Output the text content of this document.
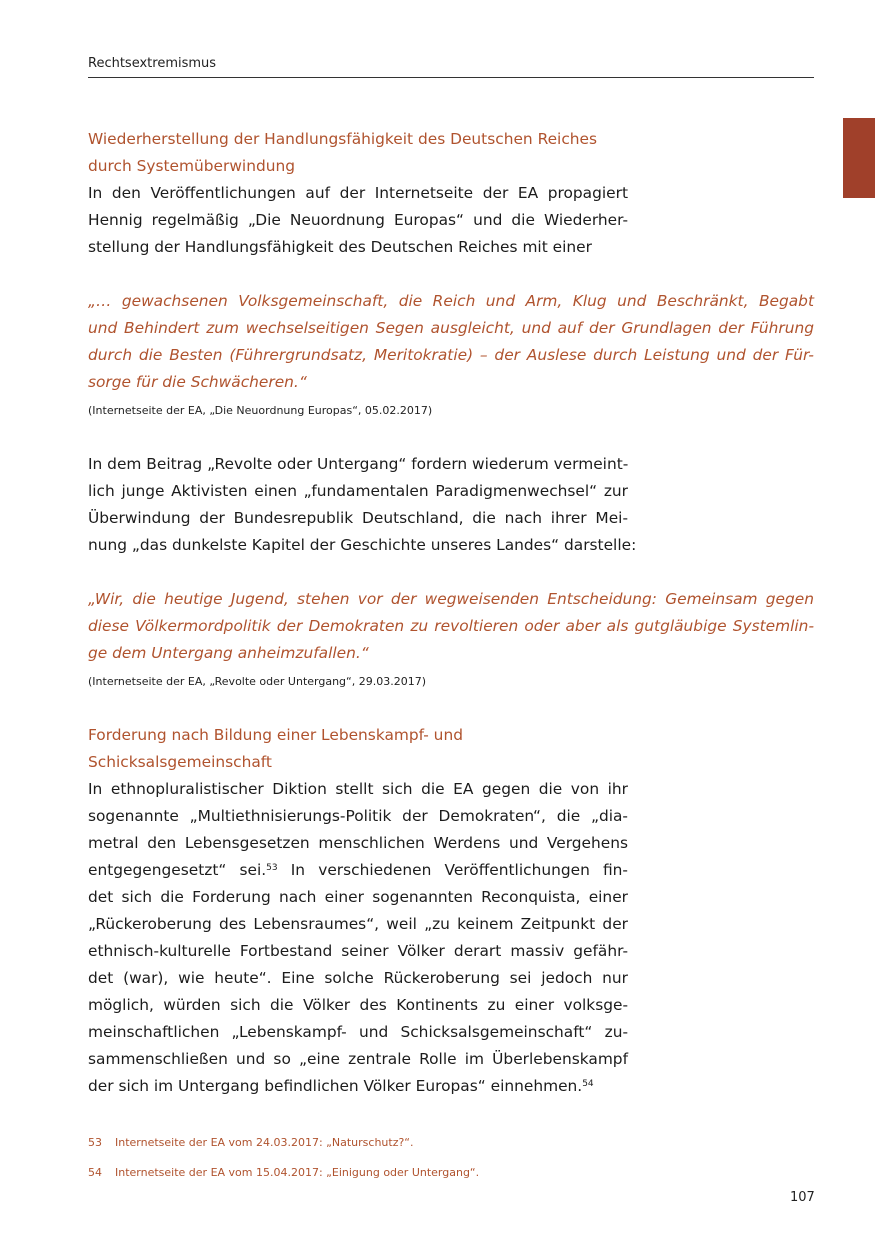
Rechtsextremismus

Wiederherstellung der Handlungsfähigkeit des Deutschen Reiches
durch Systemüberwindung

In den Veröffentlichungen auf der Internetseite der EA propagiert
Hennig regelmäßig „Die Neuordnung Europas“ und die Wiederher-
stellung der Handlungsfähigkeit des Deutschen Reiches mit einer

„… gewachsenen Volksgemeinschaft, die Reich und Arm, Klug und Beschränkt, Begabt
und Behindert zum wechselseitigen Segen ausgleicht, und auf der Grundlagen der Führung
durch die Besten (Führergrundsatz, Meritokratie) – der Auslese durch Leistung und der Für-
sorge für die Schwächeren.“
(Internetseite der EA, „Die Neuordnung Europas“, 05.02.2017)

In dem Beitrag „Revolte oder Untergang“ fordern wiederum vermeint-
lich junge Aktivisten einen „fundamentalen Paradigmenwechsel“ zur
Überwindung der Bundesrepublik Deutschland, die nach ihrer Mei-
nung „das dunkelste Kapitel der Geschichte unseres Landes“ darstelle:

„Wir, die heutige Jugend, stehen vor der wegweisenden Entscheidung: Gemeinsam gegen
diese Völkermordpolitik der Demokraten zu revoltieren oder aber als gutgläubige Systemlin-
ge dem Untergang anheimzufallen.“
(Internetseite der EA, „Revolte oder Untergang“, 29.03.2017)

Forderung nach Bildung einer Lebenskampf- und
Schicksalsgemeinschaft

In ethnopluralistischer Diktion stellt sich die EA gegen die von ihr
sogenannte „Multiethnisierungs-Politik der Demokraten“, die „dia-
metral den Lebensgesetzen menschlichen Werdens und Vergehens
entgegengesetzt“ sei.$^{53}$ In verschiedenen Veröffentlichungen fin-
det sich die Forderung nach einer sogenannten Reconquista, einer
„Rückeroberung des Lebensraumes“, weil „zu keinem Zeitpunkt der
ethnisch-kulturelle Fortbestand seiner Völker derart massiv gefähr-
det (war), wie heute“. Eine solche Rückeroberung sei jedoch nur
möglich, würden sich die Völker des Kontinents zu einer volksge-
meinschaftlichen „Lebenskampf- und Schicksalsgemeinschaft“ zu-
sammenschließen und so „eine zentrale Rolle im Überlebenskampf
der sich im Untergang befindlichen Völker Europas“ einnehmen.$^{54}$

53 Internetseite der EA vom 24.03.2017: „Naturschutz?“.
54 Internetseite der EA vom 15.04.2017: „Einigung oder Untergang“.
107
